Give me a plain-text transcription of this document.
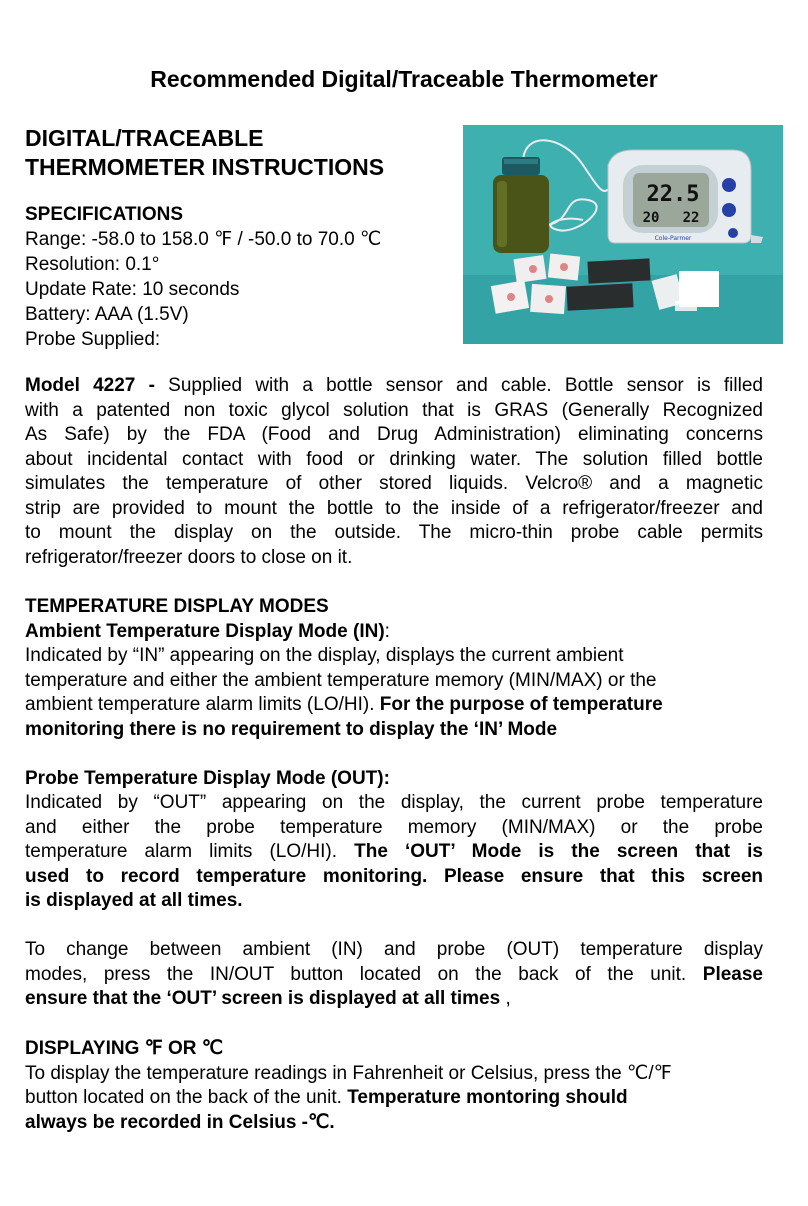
Recommended Digital/Traceable Thermometer
DIGITAL/TRACEABLE
THERMOMETER INSTRUCTIONS
SPECIFICATIONS
Range: -58.0 to 158.0 ℉ / -50.0 to 70.0 ℃
Resolution: 0.1°
Update Rate: 10 seconds
Battery: AAA (1.5V)
Probe Supplied:
22.5
20 22
Cole-Parmer
Model 4227 - Supplied with a bottle sensor and cable. Bottle sensor is filled
with a patented non toxic glycol solution that is GRAS (Generally Recognized
As Safe) by the FDA (Food and Drug Administration) eliminating concerns
about incidental contact with food or drinking water. The solution filled bottle
simulates the temperature of other stored liquids. Velcro® and a magnetic
strip are provided to mount the bottle to the inside of a refrigerator/freezer and
to mount the display on the outside. The micro-thin probe cable permits
refrigerator/freezer doors to close on it.
TEMPERATURE DISPLAY MODES
Ambient Temperature Display Mode (IN):
Indicated by “IN” appearing on the display, displays the current ambient
temperature and either the ambient temperature memory (MIN/MAX) or the
ambient temperature alarm limits (LO/HI). For the purpose of temperature
monitoring there is no requirement to display the ‘IN’ Mode
Probe Temperature Display Mode (OUT):
Indicated by “OUT” appearing on the display, the current probe temperature
and either the probe temperature memory (MIN/MAX) or the probe
temperature alarm limits (LO/HI). The ‘OUT’ Mode is the screen that is
used to record temperature monitoring. Please ensure that this screen
is displayed at all times.
To change between ambient (IN) and probe (OUT) temperature display
modes, press the IN/OUT button located on the back of the unit. Please
ensure that the ‘OUT’ screen is displayed at all times ,
DISPLAYING ℉ OR ℃
To display the temperature readings in Fahrenheit or Celsius, press the ℃/℉
button located on the back of the unit. Temperature montoring should
always be recorded in Celsius -℃.
